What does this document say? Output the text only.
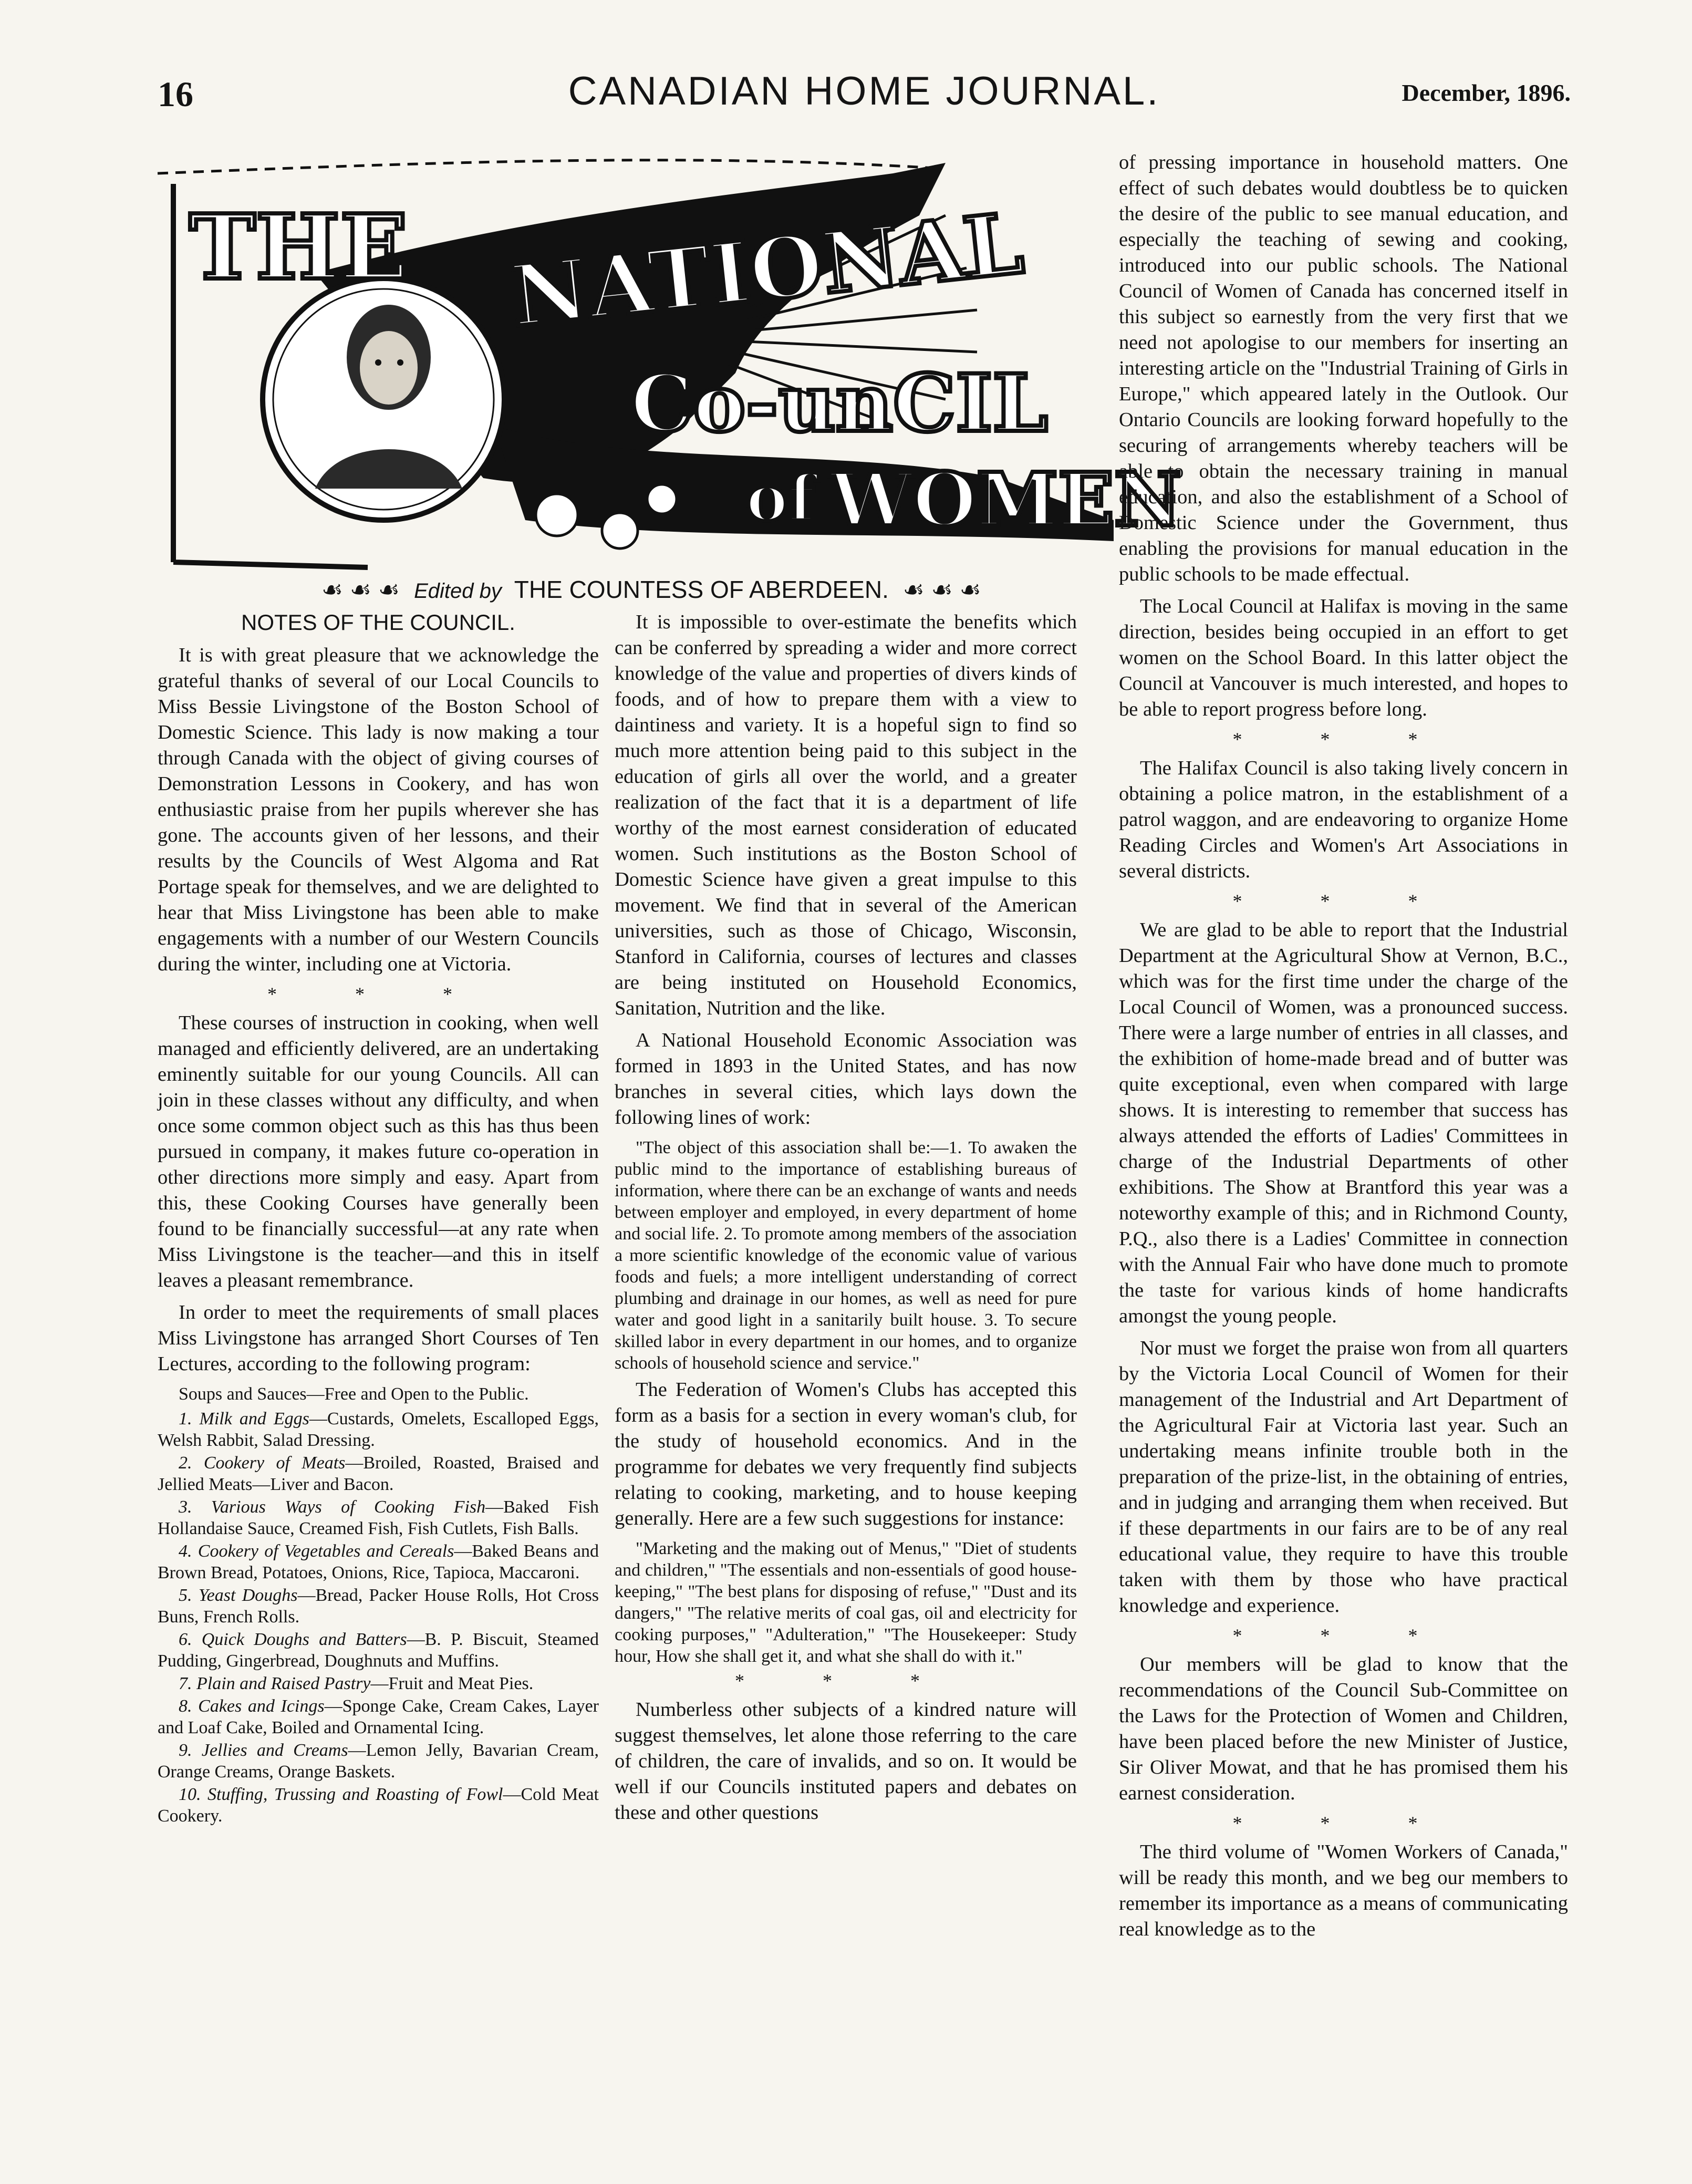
16	CANADIAN HOME JOURNAL.	December, 1896.
THE NATIONAL
Co-unCIL
of WOMEN
☙ ☙ ☙ Edited by THE COUNTESS OF ABERDEEN. ☙ ☙ ☙
NOTES OF THE COUNCIL.

It is with great pleasure that we acknowledge the grateful thanks of several of our Local Councils to Miss Bessie Livingstone of the Boston School of Domestic Science. This lady is now making a tour through Canada with the object of giving courses of Demonstration Lessons in Cookery, and has won enthusiastic praise from her pupils wherever she has gone. The accounts given of her lessons, and their results by the Councils of West Algoma and Rat Portage speak for themselves, and we are delighted to hear that Miss Livingstone has been able to make engagements with a number of our Western Councils during the winter, including one at Victoria.

* * *

These courses of instruction in cooking, when well managed and efficiently delivered, are an undertaking eminently suitable for our young Councils. All can join in these classes without any difficulty, and when once some common object such as this has thus been pursued in company, it makes future co-operation in other directions more simply and easy. Apart from this, these Cooking Courses have generally been found to be financially successful—at any rate when Miss Livingstone is the teacher—and this in itself leaves a pleasant remembrance.

In order to meet the requirements of small places Miss Livingstone has arranged Short Courses of Ten Lectures, according to the following program:

Soups and Sauces—Free and Open to the Public.

1. Milk and Eggs—Custards, Omelets, Escalloped Eggs, Welsh Rabbit, Salad Dressing.
2. Cookery of Meats—Broiled, Roasted, Braised and Jellied Meats—Liver and Bacon.
3. Various Ways of Cooking Fish—Baked Fish Hollandaise Sauce, Creamed Fish, Fish Cutlets, Fish Balls.
4. Cookery of Vegetables and Cereals—Baked Beans and Brown Bread, Potatoes, Onions, Rice, Tapioca, Maccaroni.
5. Yeast Doughs—Bread, Packer House Rolls, Hot Cross Buns, French Rolls.
6. Quick Doughs and Batters—B. P. Biscuit, Steamed Pudding, Gingerbread, Doughnuts and Muffins.
7. Plain and Raised Pastry—Fruit and Meat Pies.
8. Cakes and Icings—Sponge Cake, Cream Cakes, Layer and Loaf Cake, Boiled and Ornamental Icing.
9. Jellies and Creams—Lemon Jelly, Bavarian Cream, Orange Creams, Orange Baskets.
10. Stuffing, Trussing and Roasting of Fowl—Cold Meat Cookery.

It is impossible to over-estimate the benefits which can be conferred by spreading a wider and more correct knowledge of the value and properties of divers kinds of foods, and of how to prepare them with a view to daintiness and variety. It is a hopeful sign to find so much more attention being paid to this subject in the education of girls all over the world, and a greater realization of the fact that it is a department of life worthy of the most earnest consideration of educated women. Such institutions as the Boston School of Domestic Science have given a great impulse to this movement. We find that in several of the American universities, such as those of Chicago, Wisconsin, Stanford in California, courses of lectures and classes are being instituted on Household Economics, Sanitation, Nutrition and the like.

A National Household Economic Association was formed in 1893 in the United States, and has now branches in several cities, which lays down the following lines of work:

"The object of this association shall be:—1. To awaken the public mind to the importance of establishing bureaus of information, where there can be an exchange of wants and needs between employer and employed, in every department of home and social life. 2. To promote among members of the association a more scientific knowledge of the economic value of various foods and fuels; a more intelligent understanding of correct plumbing and drainage in our homes, as well as need for pure water and good light in a sanitarily built house. 3. To secure skilled labor in every department in our homes, and to organize schools of household science and service."

The Federation of Women's Clubs has accepted this form as a basis for a section in every woman's club, for the study of household economics. And in the programme for debates we very frequently find subjects relating to cooking, marketing, and to house keeping generally. Here are a few such suggestions for instance:

"Marketing and the making out of Menus," "Diet of students and children," "The essentials and non-essentials of good house-keeping," "The best plans for disposing of refuse," "Dust and its dangers," "The relative merits of coal gas, oil and electricity for cooking purposes," "Adulteration," "The Housekeeper: Study hour, How she shall get it, and what she shall do with it."

* * *

Numberless other subjects of a kindred nature will suggest themselves, let alone those referring to the care of children, the care of invalids, and so on. It would be well if our Councils instituted papers and debates on these and other questions

of pressing importance in household matters. One effect of such debates would doubtless be to quicken the desire of the public to see manual education, and especially the teaching of sewing and cooking, introduced into our public schools. The National Council of Women of Canada has concerned itself in this subject so earnestly from the very first that we need not apologise to our members for inserting an interesting article on the "Industrial Training of Girls in Europe," which appeared lately in the Outlook. Our Ontario Councils are looking forward hopefully to the securing of arrangements whereby teachers will be able to obtain the necessary training in manual education, and also the establishment of a School of Domestic Science under the Government, thus enabling the provisions for manual education in the public schools to be made effectual.

The Local Council at Halifax is moving in the same direction, besides being occupied in an effort to get women on the School Board. In this latter object the Council at Vancouver is much interested, and hopes to be able to report progress before long.

* * *

The Halifax Council is also taking lively concern in obtaining a police matron, in the establishment of a patrol waggon, and are endeavoring to organize Home Reading Circles and Women's Art Associations in several districts.

* * *

We are glad to be able to report that the Industrial Department at the Agricultural Show at Vernon, B.C., which was for the first time under the charge of the Local Council of Women, was a pronounced success. There were a large number of entries in all classes, and the exhibition of home-made bread and of butter was quite exceptional, even when compared with large shows. It is interesting to remember that success has always attended the efforts of Ladies' Committees in charge of the Industrial Departments of other exhibitions. The Show at Brantford this year was a noteworthy example of this; and in Richmond County, P.Q., also there is a Ladies' Committee in connection with the Annual Fair who have done much to promote the taste for various kinds of home handicrafts amongst the young people.

Nor must we forget the praise won from all quarters by the Victoria Local Council of Women for their management of the Industrial and Art Department of the Agricultural Fair at Victoria last year. Such an undertaking means infinite trouble both in the preparation of the prize-list, in the obtaining of entries, and in judging and arranging them when received. But if these departments in our fairs are to be of any real educational value, they require to have this trouble taken with them by those who have practical knowledge and experience.

* * *

Our members will be glad to know that the recommendations of the Council Sub-Committee on the Laws for the Protection of Women and Children, have been placed before the new Minister of Justice, Sir Oliver Mowat, and that he has promised them his earnest consideration.

* * *

The third volume of "Women Workers of Canada," will be ready this month, and we beg our members to remember its importance as a means of communicating real knowledge as to the
